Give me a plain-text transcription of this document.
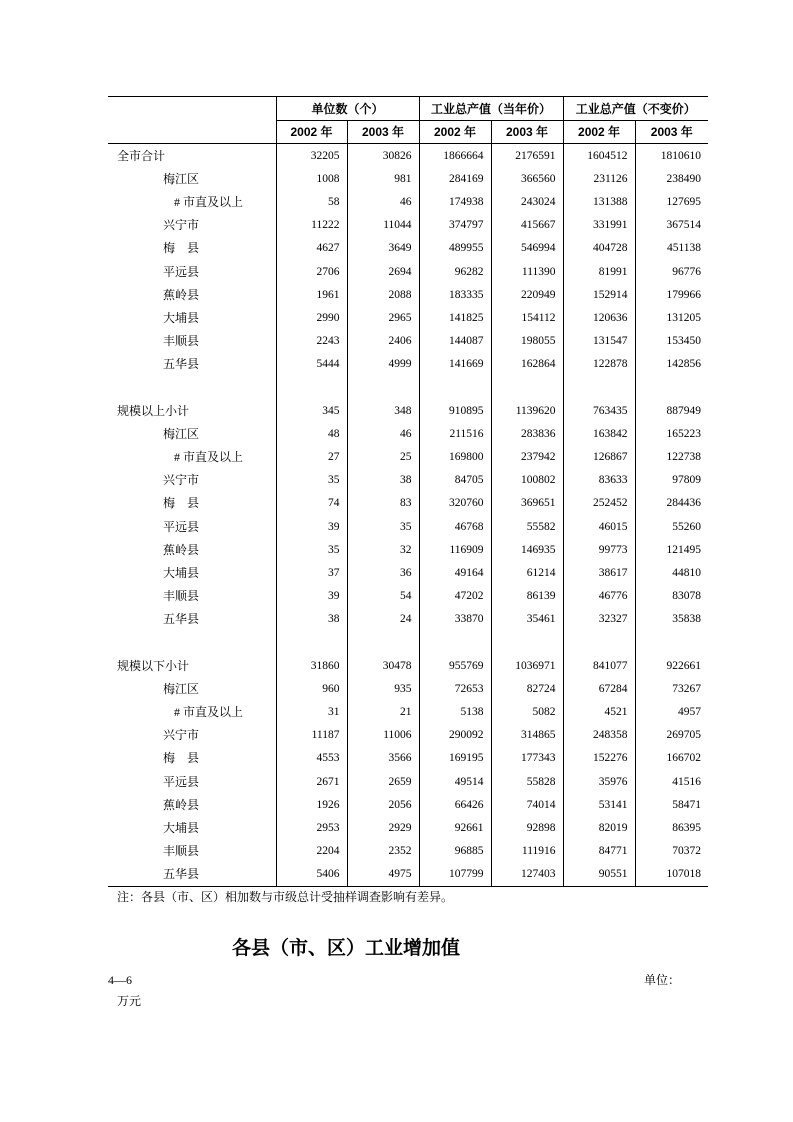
	单位数（个）		工业总产值（当年价）		工业总产值（不变价）	
	2002 年	2003 年	2002 年	2003 年	2002 年	2003 年
全市合计	32205	30826	1866664	2176591	1604512	1810610
梅江区	1008	981	284169	366560	231126	238490
# 市直及以上	58	46	174938	243024	131388	127695
兴宁市	11222	11044	374797	415667	331991	367514
梅　县	4627	3649	489955	546994	404728	451138
平远县	2706	2694	96282	111390	81991	96776
蕉岭县	1961	2088	183335	220949	152914	179966
大埔县	2990	2965	141825	154112	120636	131205
丰顺县	2243	2406	144087	198055	131547	153450
五华县	5444	4999	141669	162864	122878	142856

规模以上小计	345	348	910895	1139620	763435	887949
梅江区	48	46	211516	283836	163842	165223
# 市直及以上	27	25	169800	237942	126867	122738
兴宁市	35	38	84705	100802	83633	97809
梅　县	74	83	320760	369651	252452	284436
平远县	39	35	46768	55582	46015	55260
蕉岭县	35	32	116909	146935	99773	121495
大埔县	37	36	49164	61214	38617	44810
丰顺县	39	54	47202	86139	46776	83078
五华县	38	24	33870	35461	32327	35838

规模以下小计	31860	30478	955769	1036971	841077	922661
梅江区	960	935	72653	82724	67284	73267
# 市直及以上	31	21	5138	5082	4521	4957
兴宁市	11187	11006	290092	314865	248358	269705
梅　县	4553	3566	169195	177343	152276	166702
平远县	2671	2659	49514	55828	35976	41516
蕉岭县	1926	2056	66426	74014	53141	58471
大埔县	2953	2929	92661	92898	82019	86395
丰顺县	2204	2352	96885	111916	84771	70372
五华县	5406	4975	107799	127403	90551	107018
注：各县（市、区）相加数与市级总计受抽样调查影响有差异。
各县（市、区）工业增加值
4—6	单位：
万元
